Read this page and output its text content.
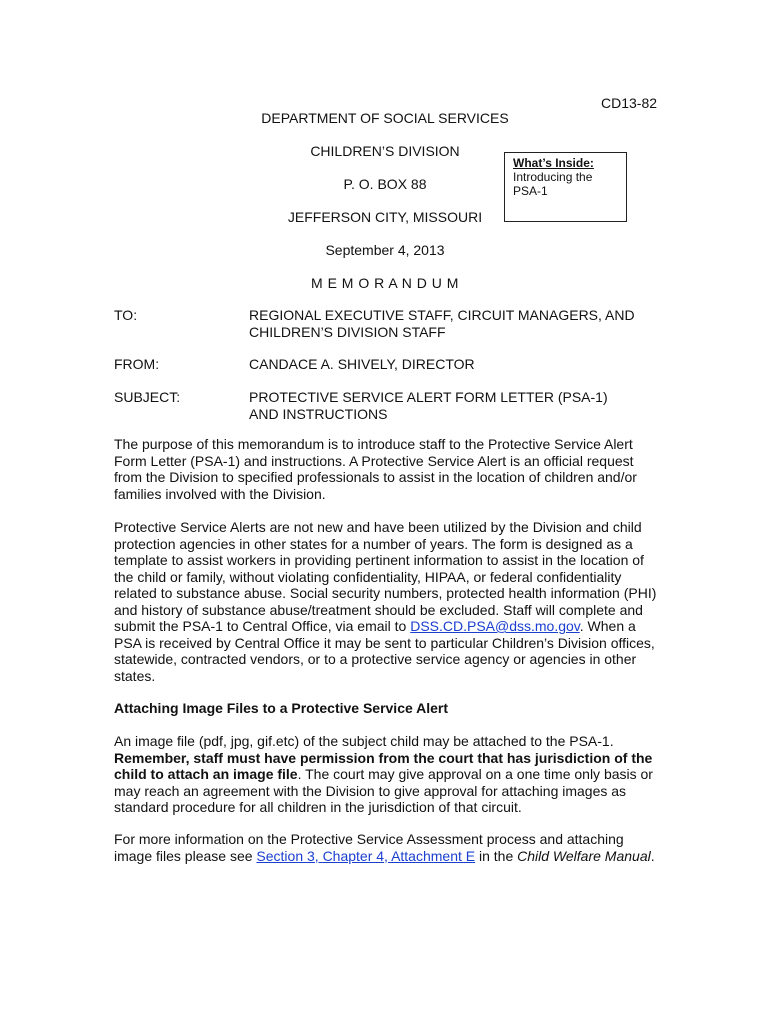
CD13-82
DEPARTMENT OF SOCIAL SERVICES
CHILDREN’S DIVISION
P. O. BOX 88
JEFFERSON CITY, MISSOURI
September 4, 2013
M E M O R A N D U M
What’s Inside:
Introducing the
PSA-1
TO:	REGIONAL EXECUTIVE STAFF, CIRCUIT MANAGERS, AND
CHILDREN’S DIVISION STAFF
FROM:	CANDACE A. SHIVELY, DIRECTOR
SUBJECT:	PROTECTIVE SERVICE ALERT FORM LETTER (PSA-1)
AND INSTRUCTIONS
The purpose of this memorandum is to introduce staff to the Protective Service Alert
Form Letter (PSA-1) and instructions. A Protective Service Alert is an official request
from the Division to specified professionals to assist in the location of children and/or
families involved with the Division.
Protective Service Alerts are not new and have been utilized by the Division and child
protection agencies in other states for a number of years. The form is designed as a
template to assist workers in providing pertinent information to assist in the location of
the child or family, without violating confidentiality, HIPAA, or federal confidentiality
related to substance abuse. Social security numbers, protected health information (PHI)
and history of substance abuse/treatment should be excluded. Staff will complete and
submit the PSA-1 to Central Office, via email to DSS.CD.PSA@dss.mo.gov. When a
PSA is received by Central Office it may be sent to particular Children’s Division offices,
statewide, contracted vendors, or to a protective service agency or agencies in other
states.
Attaching Image Files to a Protective Service Alert
An image file (pdf, jpg, gif.etc) of the subject child may be attached to the PSA-1.
Remember, staff must have permission from the court that has jurisdiction of the
child to attach an image file. The court may give approval on a one time only basis or
may reach an agreement with the Division to give approval for attaching images as
standard procedure for all children in the jurisdiction of that circuit.
For more information on the Protective Service Assessment process and attaching
image files please see Section 3, Chapter 4, Attachment E in the Child Welfare Manual.
